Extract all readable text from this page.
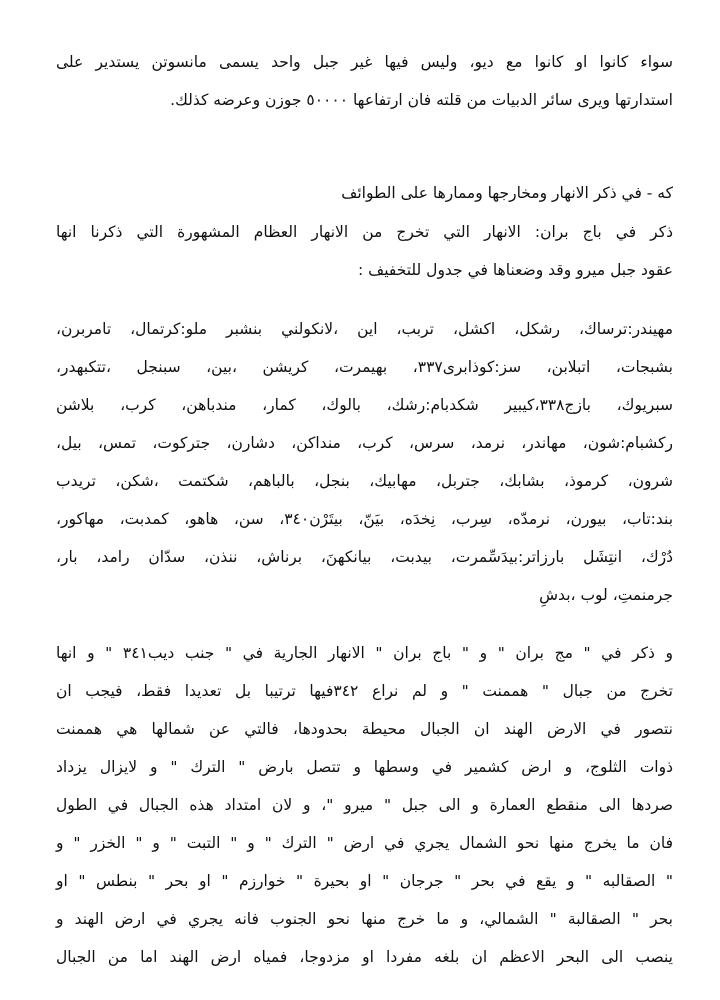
سواء كانوا او كانوا مع ديو، وليس فيها غير جبل واحد يسمى مانسوتن يستدير على
استدارتها ويرى سائر الدبيات من قلته فان ارتفاعها ٥٠٠٠٠ جوزن وعرضه كذلك.
كه - في ذكر الانهار ومخارجها وممارها على الطوائف
ذكر في باج بران: الانهار التي تخرج من الانهار العظام المشهورة التي ذكرنا انها
عقود جبل ميرو وقد وضعناها في جدول للتخفيف :
مهيندر:ترساك، رشكل، اكشل، تربب، اين ،لانكولني بنشبر ملو:كرتمال، تامربرن،
بشبجات، اتبلابن، سز:كوذابرى٣٣٧، بهيمرت، كريشن ،بين، سبنجل ،تتكبهدر،
سبريوك، بازج٣٣٨،كيبير شكدبام:رشك، بالوك، كمار، مندباهن، كرب، بلاشن
ركشبام:شون، مهاندر، نرمد، سرس، كرب، منداكن، دشارن، جترکوت، تمس، بيل،
شرون، كرموذ، بشابك، جتربل، مهابيك، بنجل، بالباهم، شكتمت ،شكن، تريدب
بند:تاب، بيورن، نرمدّه، سِرب، نِخدَه، بيَنّ، بيتَرْن٣٤٠، سن، هاهو، كمدبت، مهاكور،
دُرْك، انتِشَل بارزاتر:بيدَسِّمرت، بيدبت، بيانكهنَ، برناش، ننذن، سدّان رامد، بار،
جرمنمتِ، لوب ،بدشِ
و ذكر في " مج بران " و " باج بران " الانهار الجارية في " جنب ديب٣٤١ " و انها
تخرج من جبال " هممنت " و لم نراع ٣٤٢فيها ترتيبا بل تعديدا فقط، فيجب ان
نتصور في الارض الهند ان الجبال محيطة بحدودها، فالتي عن شمالها هي هممنت
ذوات الثلوج، و ارض كشمير في وسطها و تتصل بارض " الترك " و لايزال يزداد
صردها الى منقطع العمارة و الى جبل " ميرو "، و لان امتداد هذه الجبال في الطول
فان ما يخرج منها نحو الشمال يجري في ارض " الترك " و " التبت " و " الخزر " و
" الصقالبه " و يقع في بحر " جرجان " او بحيرة " خوارزم " او بحر " بنطس " او
بحر " الصقالبة " الشمالي، و ما خرج منها نحو الجنوب فانه يجري في ارض الهند و
ينصب الى البحر الاعظم ان بلغه مفردا او مزدوجا، فمياه ارض الهند اما من الجبال
